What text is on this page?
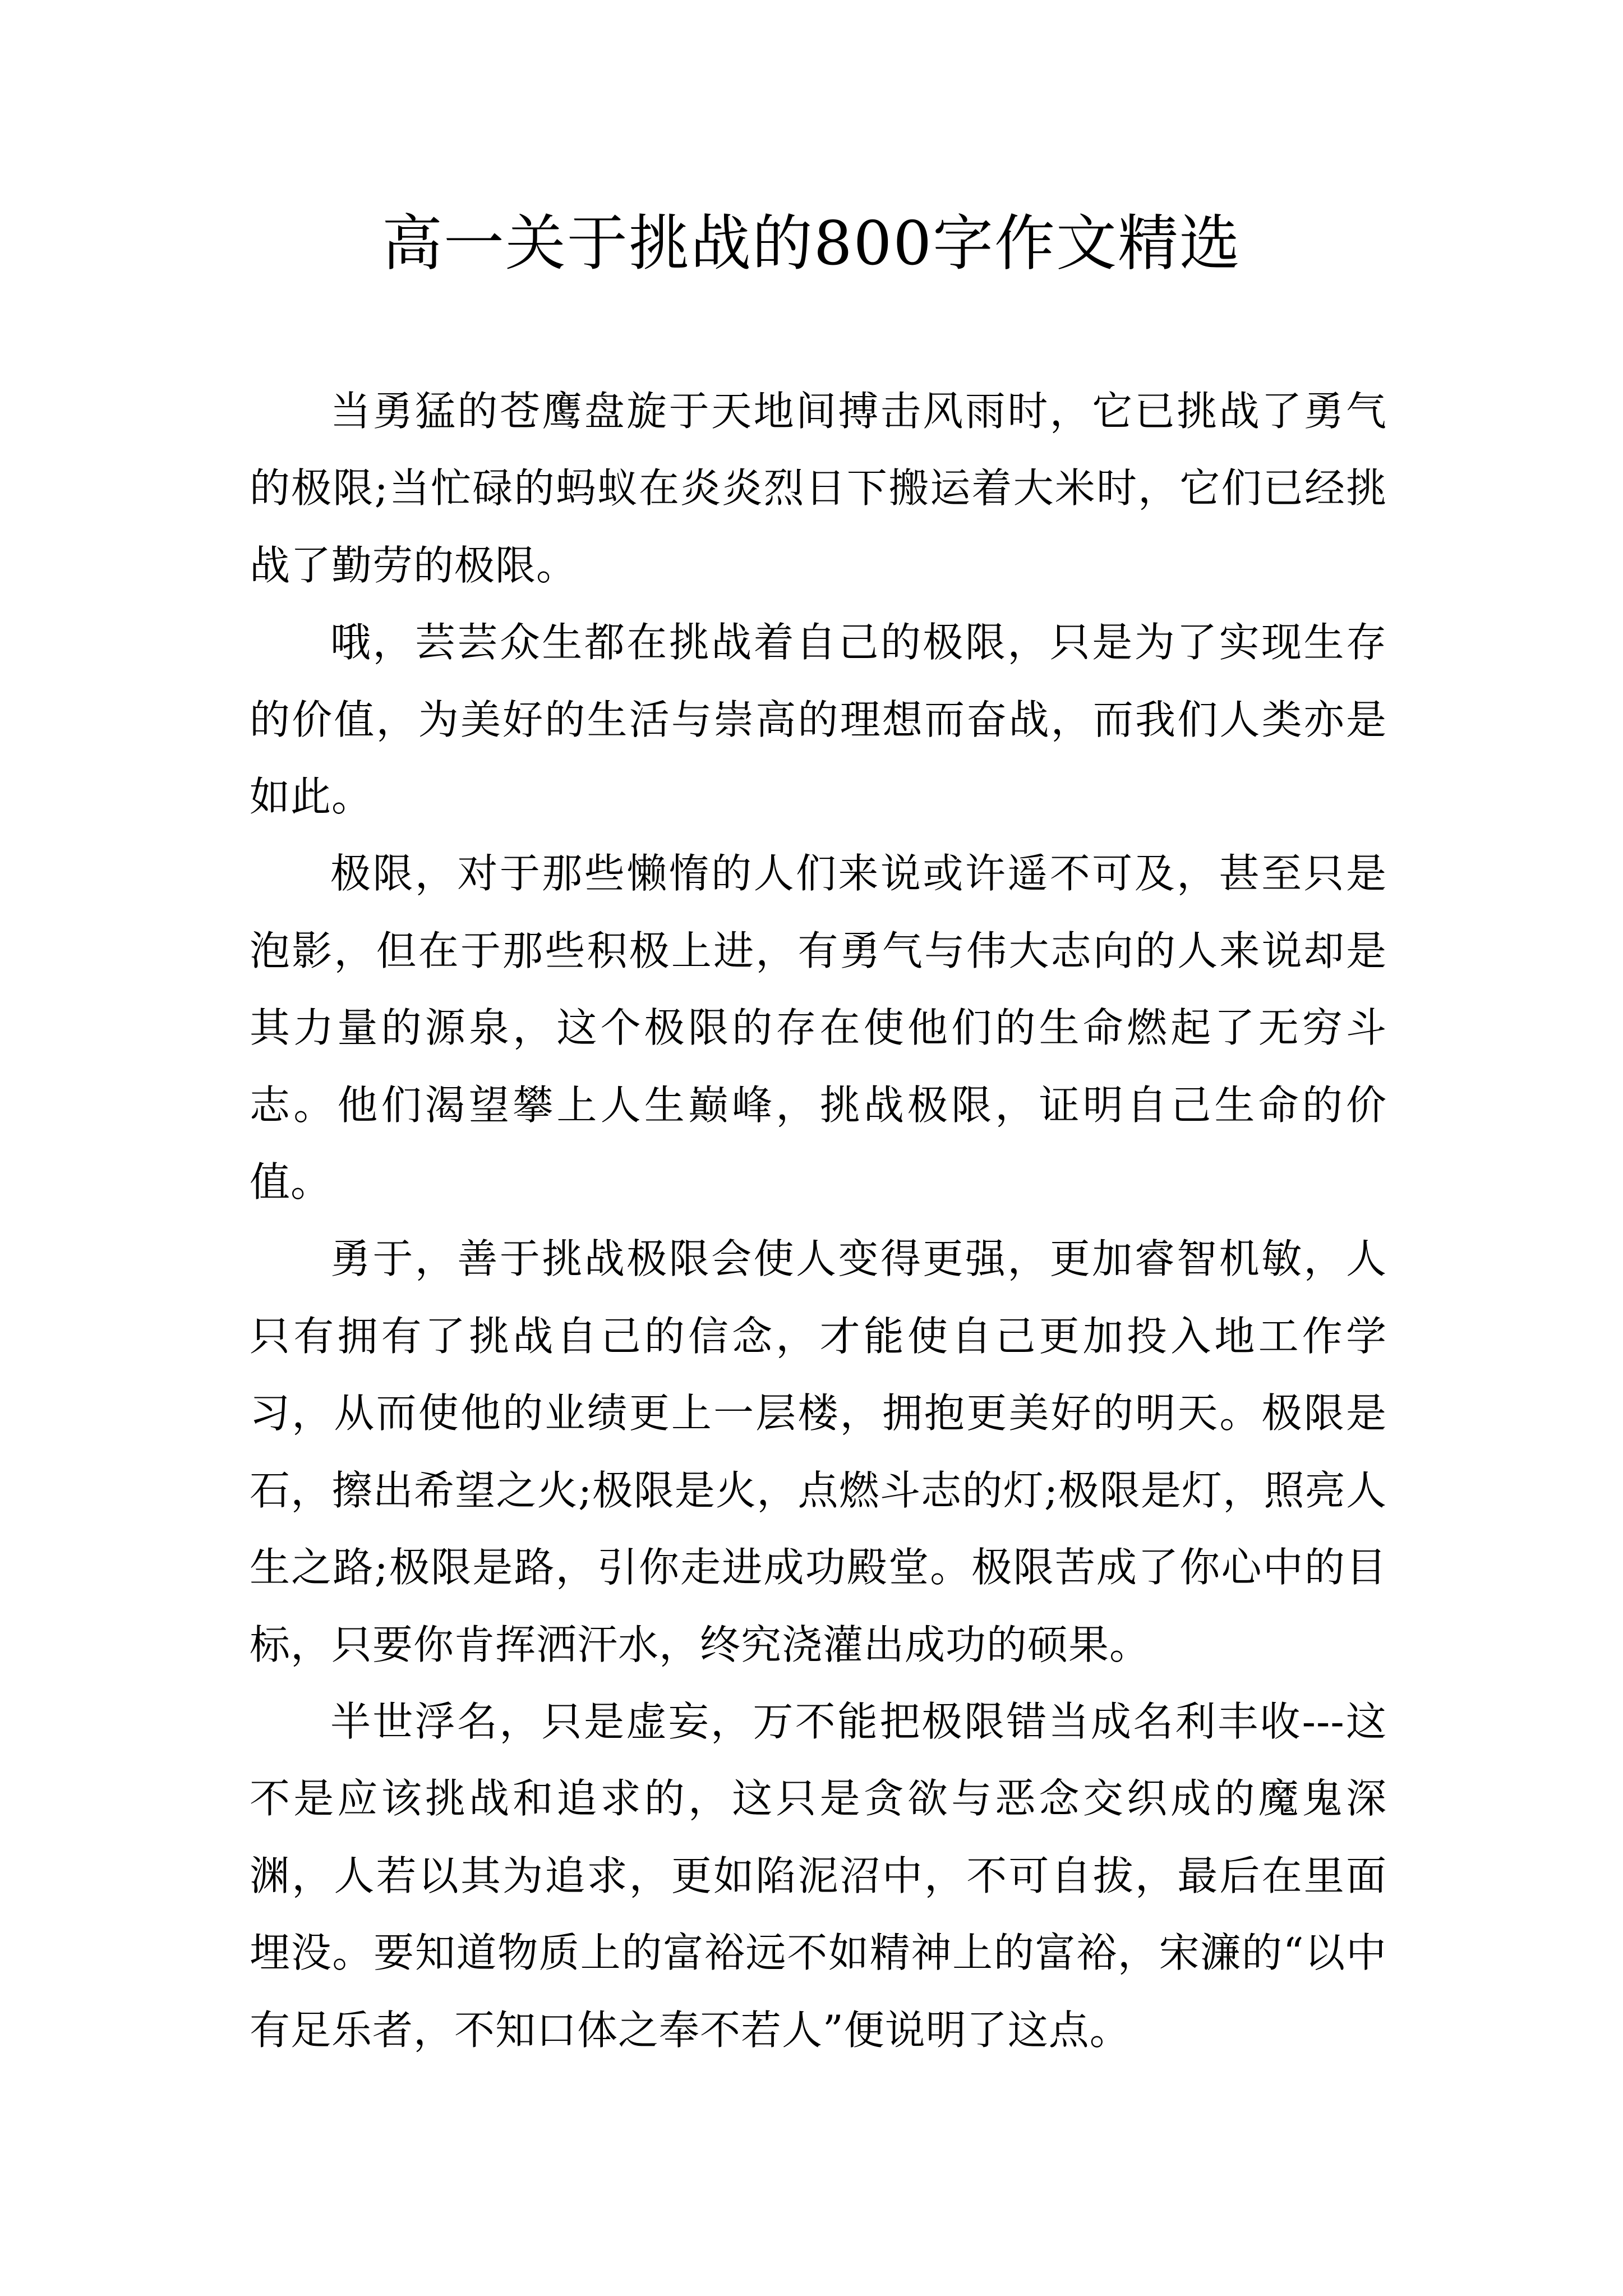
高一关于挑战的800字作文精选

当勇猛的苍鹰盘旋于天地间搏击风雨时，它已挑战了勇气的极限;当忙碌的蚂蚁在炎炎烈日下搬运着大米时，它们已经挑战了勤劳的极限。

哦，芸芸众生都在挑战着自己的极限，只是为了实现生存的价值，为美好的生活与崇高的理想而奋战，而我们人类亦是如此。

极限，对于那些懒惰的人们来说或许遥不可及，甚至只是泡影，但在于那些积极上进，有勇气与伟大志向的人来说却是其力量的源泉，这个极限的存在使他们的生命燃起了无穷斗志。他们渴望攀上人生巅峰，挑战极限，证明自己生命的价值。

勇于，善于挑战极限会使人变得更强，更加睿智机敏，人只有拥有了挑战自己的信念，才能使自己更加投入地工作学习，从而使他的业绩更上一层楼，拥抱更美好的明天。极限是石，擦出希望之火;极限是火，点燃斗志的灯;极限是灯，照亮人生之路;极限是路，引你走进成功殿堂。极限苦成了你心中的目标，只要你肯挥洒汗水，终究浇灌出成功的硕果。

半世浮名，只是虚妄，万不能把极限错当成名利丰收---这不是应该挑战和追求的，这只是贪欲与恶念交织成的魔鬼深渊，人若以其为追求，更如陷泥沼中，不可自拔，最后在里面埋没。要知道物质上的富裕远不如精神上的富裕，宋濂的“以中有足乐者，不知口体之奉不若人”便说明了这点。
